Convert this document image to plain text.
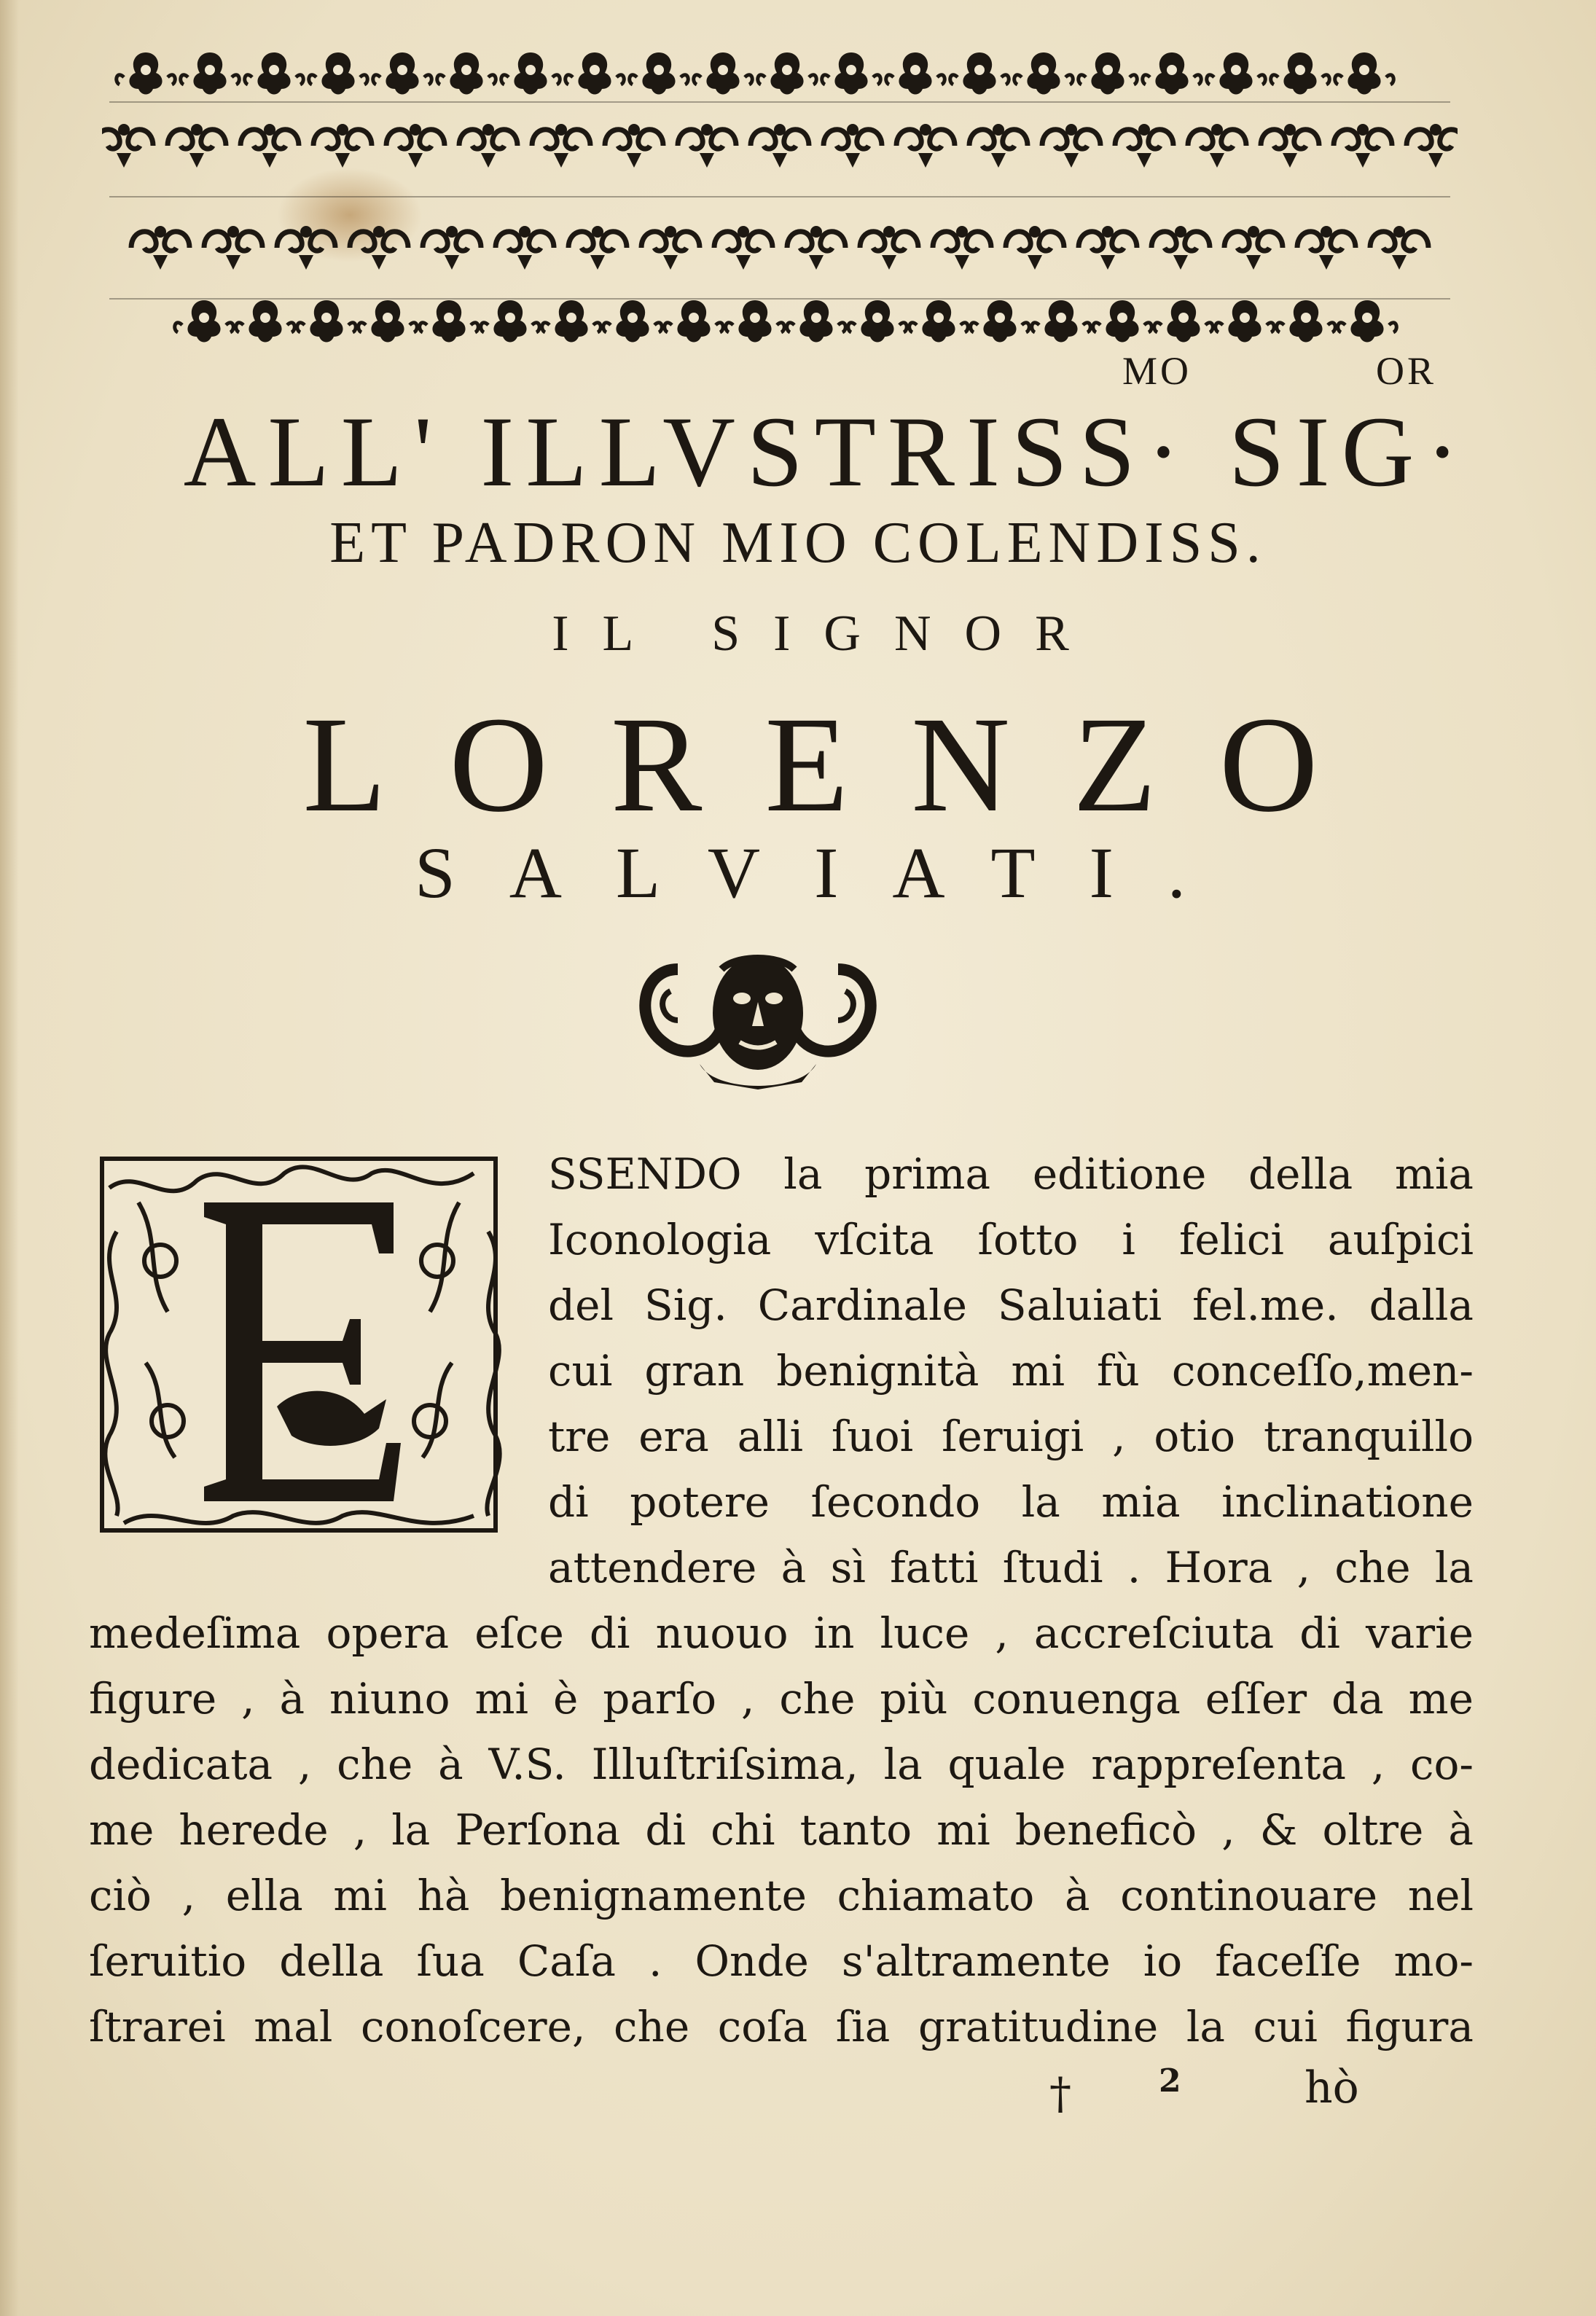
MO	OR
ALL' ILLVSTRISS· SIG·
ET PADRON MIO COLENDISS.
IL SIGNOR
LORENZO
SALVIATI.
SSENDO la prima editione della mia
Iconologia vſcita ſotto i felici auſpici
del Sig. Cardinale Saluiati fel.me. dalla
cui gran benignità mi fù conceſſo,men-
tre era alli ſuoi ſeruigi , otio tranquillo
di potere ſecondo la mia inclinatione
attendere à sì fatti ſtudi . Hora , che la
medeſima opera eſce di nuouo in luce , accreſciuta di varie
figure , à niuno mi è parſo , che più conuenga eſſer da me
dedicata , che à V.S. Illuſtriſsima, la quale rappreſenta , co-
me herede , la Perſona di chi tanto mi beneficò , & oltre à
ciò , ella mi hà benignamente chiamato à continouare nel
ſeruitio della ſua Caſa . Onde s'altramente io faceſſe mo-
ſtrarei mal conoſcere, che coſa ſia gratitudine la cui figura
†	2	hò
